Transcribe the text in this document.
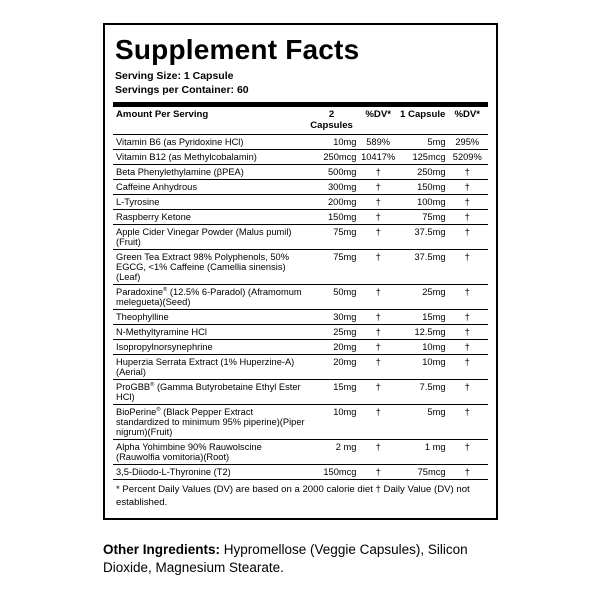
Supplement Facts
Serving Size: 1 Capsule
Servings per Container: 60
Amount Per Serving	2 Capsules	%DV*	1 Capsule	%DV*
Vitamin B6 (as Pyridoxine HCl)	10mg	589%	5mg	295%
Vitamin B12 (as Methylcobalamin)	250mcg	10417%	125mcg	5209%
Beta Phenylethylamine (βPEA)	500mg	†	250mg	†
Caffeine Anhydrous	300mg	†	150mg	†
L-Tyrosine	200mg	†	100mg	†
Raspberry Ketone	150mg	†	75mg	†
Apple Cider Vinegar Powder (Malus pumil)(Fruit)	75mg	†	37.5mg	†
Green Tea Extract 98% Polyphenols, 50% EGCG, <1% Caffeine (Camellia sinensis)(Leaf)	75mg	†	37.5mg	†
Paradoxine® (12.5% 6-Paradol) (Aframomum melegueta)(Seed)	50mg	†	25mg	†
Theophylline	30mg	†	15mg	†
N-Methyltyramine HCl	25mg	†	12.5mg	†
Isopropylnorsynephrine	20mg	†	10mg	†
Huperzia Serrata Extract (1% Huperzine-A)(Aerial)	20mg	†	10mg	†
ProGBB® (Gamma Butyrobetaine Ethyl Ester HCl)	15mg	†	7.5mg	†
BioPerine® (Black Pepper Extract standardized to minimum 95% piperine)(Piper nigrum)(Fruit)	10mg	†	5mg	†
Alpha Yohimbine 90% Rauwolscine (Rauwolfia vomitoria)(Root)	2 mg	†	1 mg	†
3,5-Diiodo-L-Thyronine (T2)	150mcg	†	75mcg	†
* Percent Daily Values (DV) are based on a 2000 calorie diet † Daily Value (DV) not established.
Other Ingredients: Hypromellose (Veggie Capsules), Silicon Dioxide, Magnesium Stearate.
